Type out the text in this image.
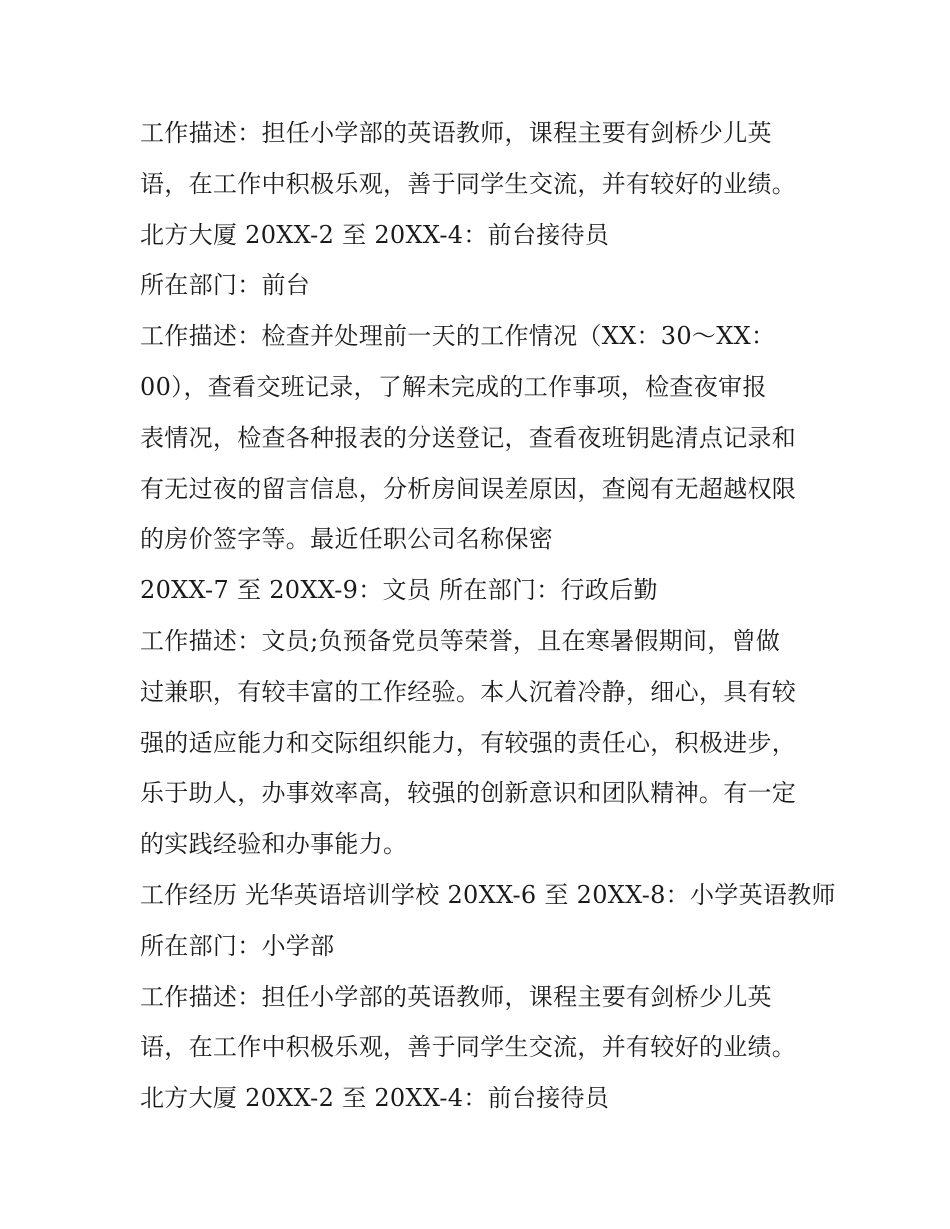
工作描述：担任小学部的英语教师，课程主要有剑桥少儿英
语，在工作中积极乐观，善于同学生交流，并有较好的业绩。
北方大厦 20XX-2 至 20XX-4：前台接待员
所在部门：前台
工作描述：检查并处理前一天的工作情况（XX：30～XX：
00），查看交班记录，了解未完成的工作事项，检查夜审报
表情况，检查各种报表的分送登记，查看夜班钥匙清点记录和
有无过夜的留言信息，分析房间误差原因，查阅有无超越权限
的房价签字等。最近任职公司名称保密
20XX-7 至 20XX-9：文员 所在部门：行政后勤
工作描述：文员;负预备党员等荣誉，且在寒暑假期间，曾做
过兼职，有较丰富的工作经验。本人沉着冷静，细心，具有较
强的适应能力和交际组织能力，有较强的责任心，积极进步，
乐于助人，办事效率高，较强的创新意识和团队精神。有一定
的实践经验和办事能力。
工作经历 光华英语培训学校 20XX-6 至 20XX-8：小学英语教师
所在部门：小学部
工作描述：担任小学部的英语教师，课程主要有剑桥少儿英
语，在工作中积极乐观，善于同学生交流，并有较好的业绩。
北方大厦 20XX-2 至 20XX-4：前台接待员
